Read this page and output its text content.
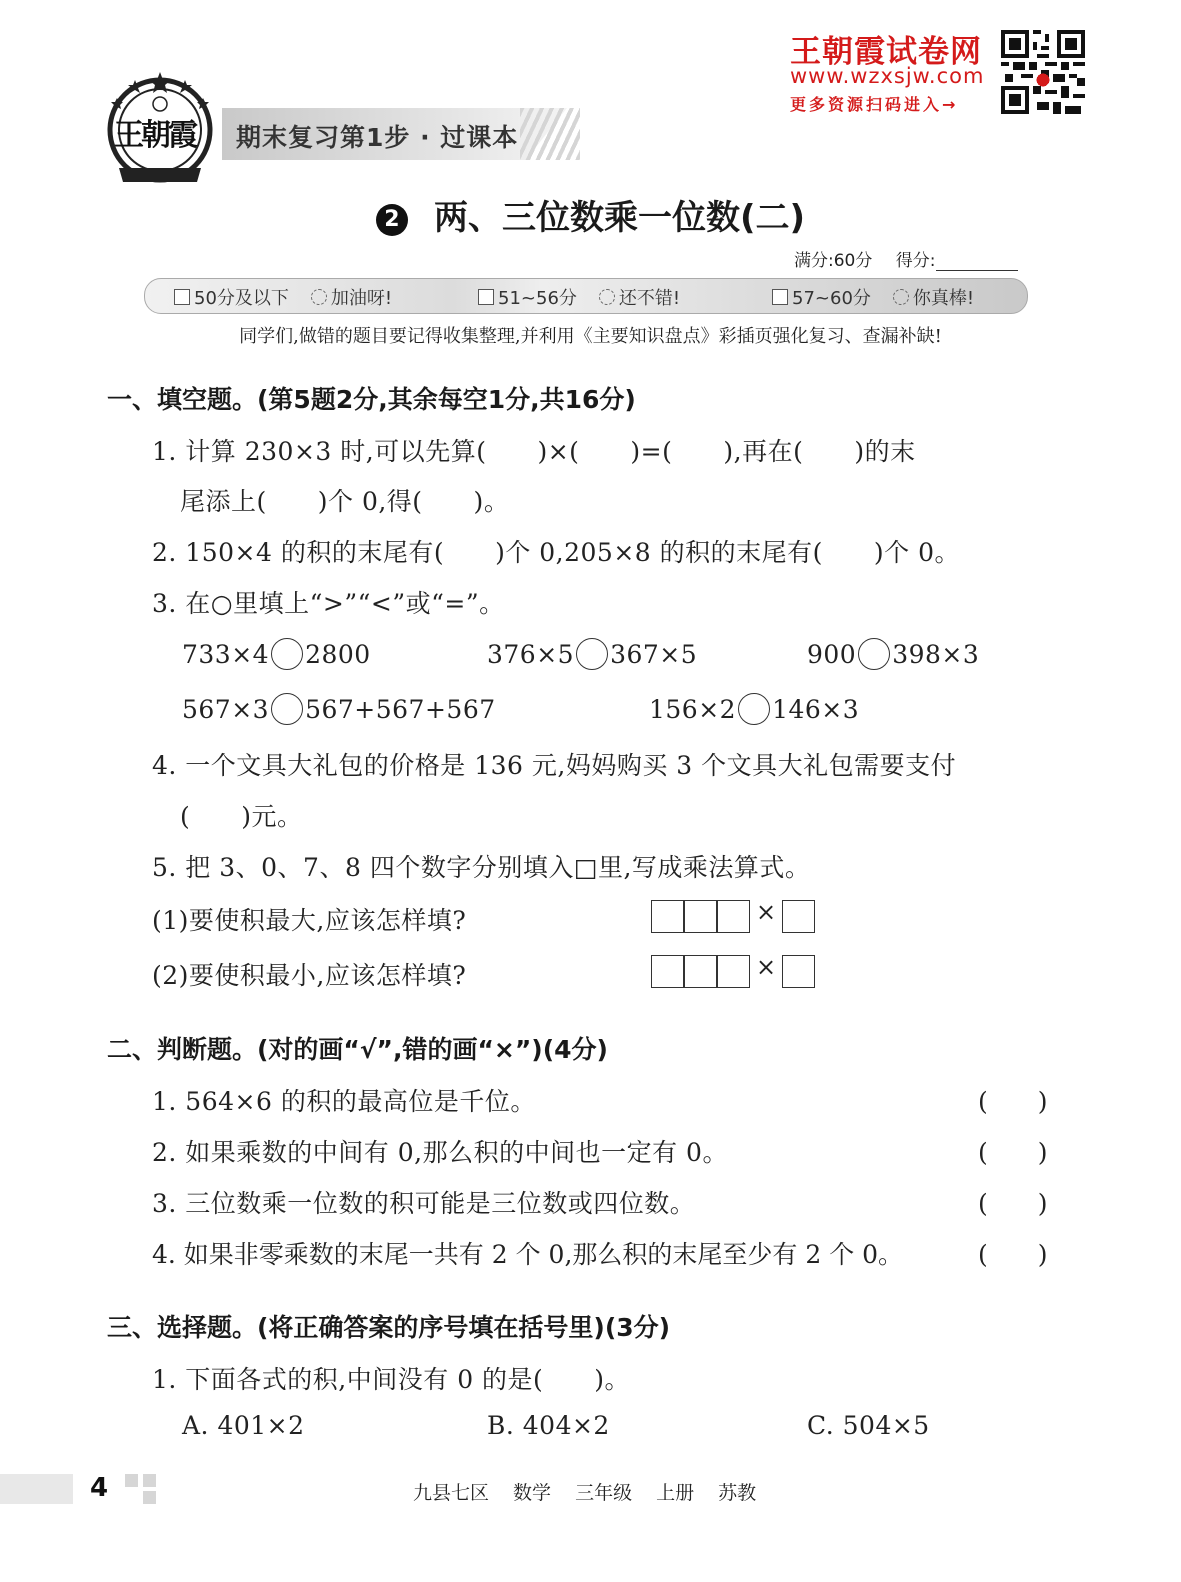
王朝霞 期末复习第1步 · 过课本
王朝霞试卷网
www.wzxsjw.com
更多资源扫码进入→
2 两、三位数乘一位数(二)
满分:60分 得分:
50分及以下 加油呀!	51~56分 还不错!	57~60分 你真棒!
同学们,做错的题目要记得收集整理,并利用《主要知识盘点》彩插页强化复习、查漏补缺!
一、填空题。(第5题2分,其余每空1分,共16分)
1. 计算 230×3 时,可以先算(　　)×(　　)=(　　),再在(　　)的末
尾添上(　　)个 0,得(　　)。
2. 150×4 的积的末尾有(　　)个 0,205×8 的积的末尾有(　　)个 0。
3. 在○里填上“>”“<”或“=”。
733×4 2800	376×5 367×5	900 398×3
567×3 567+567+567	156×2 146×3
4. 一个文具大礼包的价格是 136 元,妈妈购买 3 个文具大礼包需要支付
(　　)元。
5. 把 3、0、7、8 四个数字分别填入□里,写成乘法算式。
(1)要使积最大,应该怎样填?	×
(2)要使积最小,应该怎样填?	×
二、判断题。(对的画“√”,错的画“×”)(4分)
1. 564×6 的积的最高位是千位。	(　　)
2. 如果乘数的中间有 0,那么积的中间也一定有 0。	(　　)
3. 三位数乘一位数的积可能是三位数或四位数。	(　　)
4. 如果非零乘数的末尾一共有 2 个 0,那么积的末尾至少有 2 个 0。	(　　)
三、选择题。(将正确答案的序号填在括号里)(3分)
1. 下面各式的积,中间没有 0 的是(　　)。
A. 401×2	B. 404×2	C. 504×5
4	九县七区 数学 三年级 上册 苏教
